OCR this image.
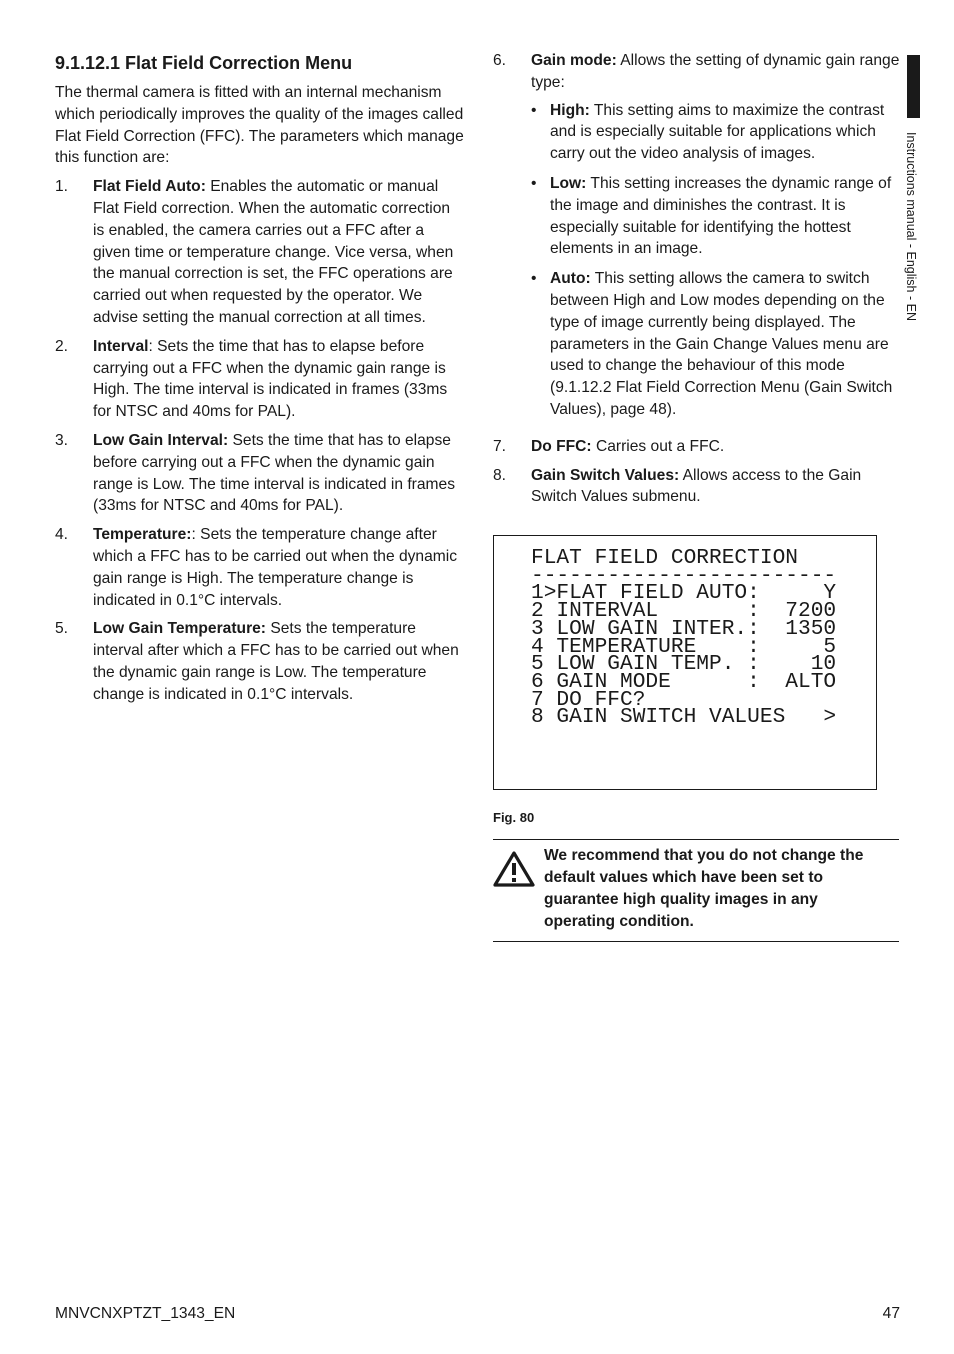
9.1.12.1 Flat Field Correction Menu

The thermal camera is fitted with an internal mechanism which periodically improves the quality of the images called Flat Field Correction (FFC). The parameters which manage this function are:

1.	Flat Field Auto: Enables the automatic or manual Flat Field correction. When the automatic correction is enabled, the camera carries out a FFC after a given time or temperature change. Vice versa, when the manual correction is set, the FFC operations are carried out when requested by the operator. We advise setting the manual correction at all times.
2.	Interval: Sets the time that has to elapse before carrying out a FFC when the dynamic gain range is High. The time interval is indicated in frames (33ms for NTSC and 40ms for PAL).
3.	Low Gain Interval: Sets the time that has to elapse before carrying out a FFC when the dynamic gain range is Low. The time interval is indicated in frames (33ms for NTSC and 40ms for PAL).
4.	Temperature:: Sets the temperature change after which a FFC has to be carried out when the dynamic gain range is High. The temperature change is indicated in 0.1°C intervals.
5.	Low Gain Temperature: Sets the temperature interval after which a FFC has to be carried out when the dynamic gain range is Low. The temperature change is indicated in 0.1°C intervals.
6.	Gain mode: Allows the setting of dynamic gain range type:
• High: This setting aims to maximize the contrast and is especially suitable for applications which carry out the video analysis of images.
• Low: This setting increases the dynamic range of the image and diminishes the contrast. It is especially suitable for identifying the hottest elements in an image.
• Auto: This setting allows the camera to switch between High and Low modes depending on the type of image currently being displayed. The parameters in the Gain Change Values menu are used to change the behaviour of this mode (9.1.12.2 Flat Field Correction Menu (Gain Switch Values), page 48).
7.	Do FFC: Carries out a FFC.
8.	Gain Switch Values: Allows access to the Gain Switch Values submenu.
FLAT FIELD CORRECTION
------------------------
1>FLAT FIELD AUTO:     Y
2 INTERVAL       :  7200
3 LOW GAIN INTER.:  1350
4 TEMPERATURE    :     5
5 LOW GAIN TEMP. :    10
6 GAIN MODE      :  ALTO
7 DO FFC?
8 GAIN SWITCH VALUES   >
Fig. 80
We recommend that you do not change the default values which have been set to guarantee high quality images in any operating condition.
Instructions manual - English - EN
MNVCNXPTZT_1343_EN	47
